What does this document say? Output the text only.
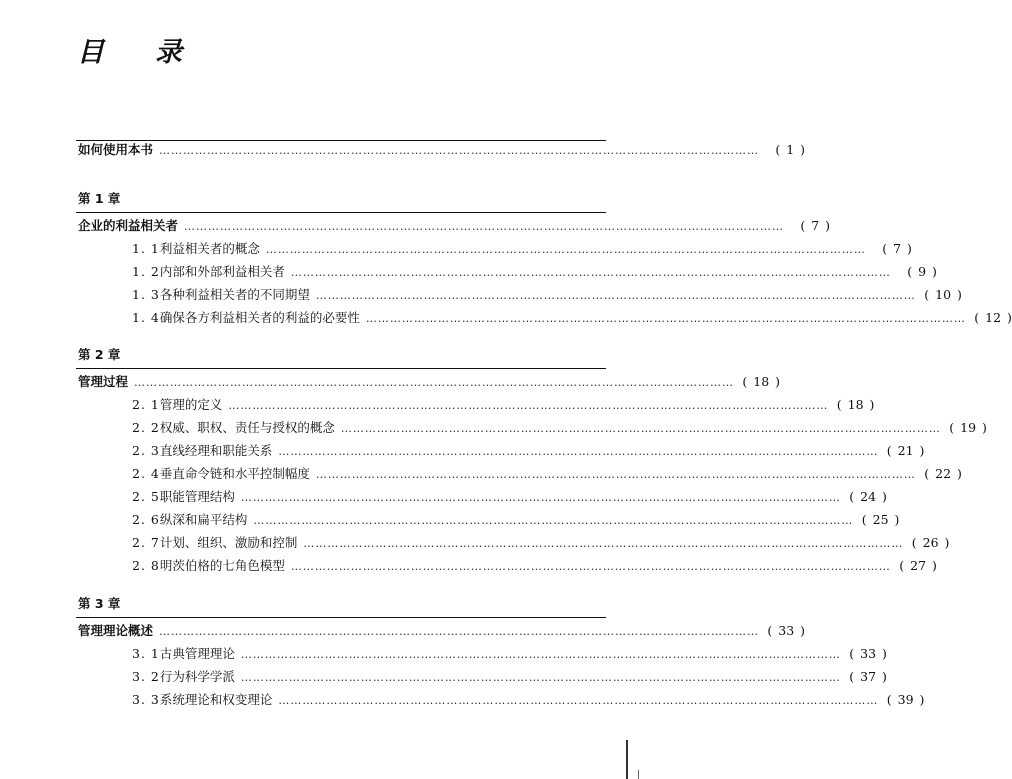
目 录
如何使用本书 ……………………………………………………………………………………………………………………………………	( 1 )
第 1 章
企业的利益相关者 ……………………………………………………………………………………………………………………………………	( 7 )
1. 1 利益相关者的概念 ……………………………………………………………………………………………………………………………………	( 7 )
1. 2 内部和外部利益相关者 ……………………………………………………………………………………………………………………………………	( 9 )
1. 3 各种利益相关者的不同期望 …………………………………………………………………………………………………………………………………… ( 10 )
1. 4 确保各方利益相关者的利益的必要性 …………………………………………………………………………………………………………………………………… ( 12 )
第 2 章
管理过程 …………………………………………………………………………………………………………………………………… ( 18 )
2. 1 管理的定义 …………………………………………………………………………………………………………………………………… ( 18 )
2. 2 权威、职权、责任与授权的概念 …………………………………………………………………………………………………………………………………… ( 19 )
2. 3 直线经理和职能关系 …………………………………………………………………………………………………………………………………… ( 21 )
2. 4 垂直命令链和水平控制幅度 …………………………………………………………………………………………………………………………………… ( 22 )
2. 5 职能管理结构 …………………………………………………………………………………………………………………………………… ( 24 )
2. 6 纵深和扁平结构 …………………………………………………………………………………………………………………………………… ( 25 )
2. 7 计划、组织、激励和控制 …………………………………………………………………………………………………………………………………… ( 26 )
2. 8 明茨伯格的七角色模型 …………………………………………………………………………………………………………………………………… ( 27 )
第 3 章
管理理论概述 …………………………………………………………………………………………………………………………………… ( 33 )
3. 1 古典管理理论 …………………………………………………………………………………………………………………………………… ( 33 )
3. 2 行为科学学派 …………………………………………………………………………………………………………………………………… ( 37 )
3. 3 系统理论和权变理论 …………………………………………………………………………………………………………………………………… ( 39 )
